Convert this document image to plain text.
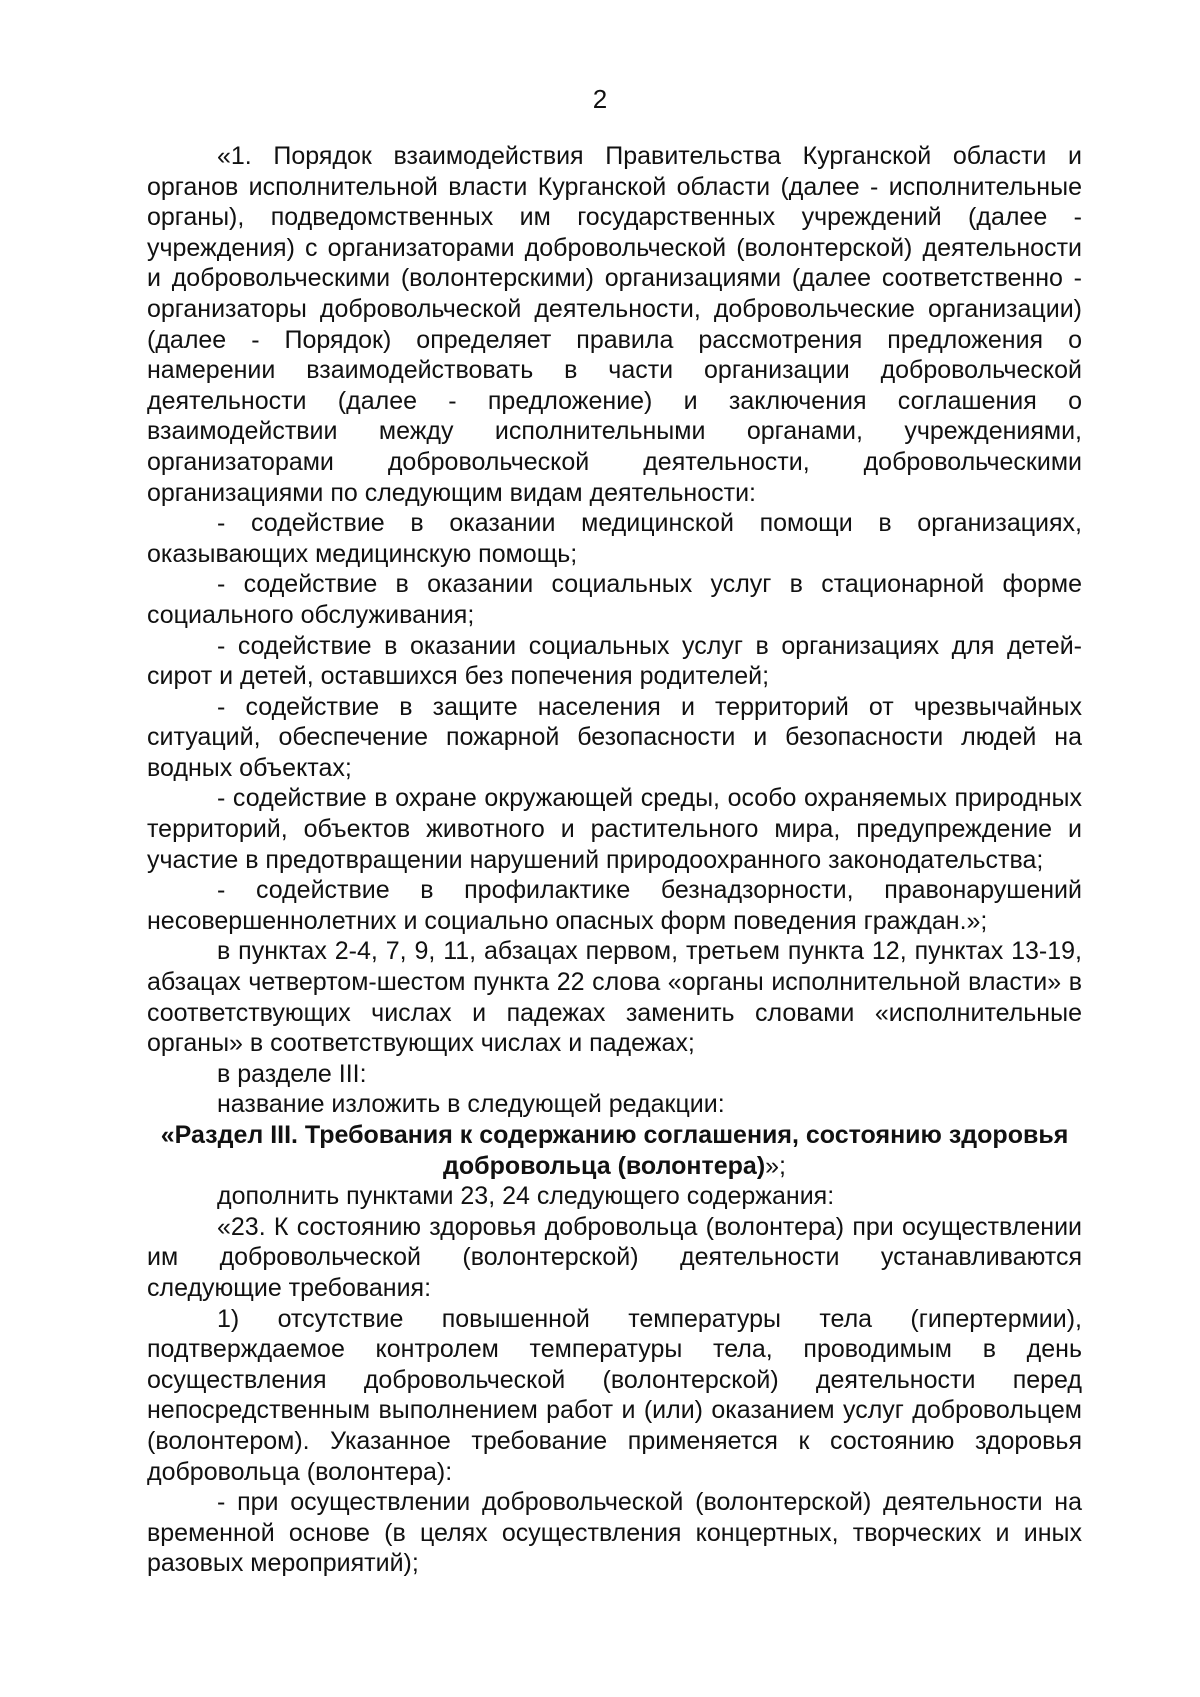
2

«1. Порядок взаимодействия Правительства Курганской области и органов исполнительной власти Курганской области (далее - исполнительные органы), подведомственных им государственных учреждений (далее - учреждения) с организаторами добровольческой (волонтерской) деятельности и добровольческими (волонтерскими) организациями (далее соответственно - организаторы добровольческой деятельности, добровольческие организации) (далее - Порядок) определяет правила рассмотрения предложения о намерении взаимодействовать в части организации добровольческой деятельности (далее - предложение) и заключения соглашения о взаимодействии между исполнительными органами, учреждениями, организаторами добровольческой деятельности, добровольческими организациями по следующим видам деятельности:

- содействие в оказании медицинской помощи в организациях, оказывающих медицинскую помощь;

- содействие в оказании социальных услуг в стационарной форме социального обслуживания;

- содействие в оказании социальных услуг в организациях для детей-сирот и детей, оставшихся без попечения родителей;

- содействие в защите населения и территорий от чрезвычайных ситуаций, обеспечение пожарной безопасности и безопасности людей на водных объектах;

- содействие в охране окружающей среды, особо охраняемых природных территорий, объектов животного и растительного мира, предупреждение и участие в предотвращении нарушений природоохранного законодательства;

- содействие в профилактике безнадзорности, правонарушений несовершеннолетних и социально опасных форм поведения граждан.»;

в пунктах 2-4, 7, 9, 11, абзацах первом, третьем пункта 12, пунктах 13-19, абзацах четвертом-шестом пункта 22 слова «органы исполнительной власти» в соответствующих числах и падежах заменить словами «исполнительные органы» в соответствующих числах и падежах;

в разделе III:

название изложить в следующей редакции:

«Раздел III. Требования к содержанию соглашения, состоянию здоровья добровольца (волонтера)»;

дополнить пунктами 23, 24 следующего содержания:

«23. К состоянию здоровья добровольца (волонтера) при осуществлении им добровольческой (волонтерской) деятельности устанавливаются следующие требования:

1) отсутствие повышенной температуры тела (гипертермии), подтверждаемое контролем температуры тела, проводимым в день осуществления добровольческой (волонтерской) деятельности перед непосредственным выполнением работ и (или) оказанием услуг добровольцем (волонтером). Указанное требование применяется к состоянию здоровья добровольца (волонтера):

- при осуществлении добровольческой (волонтерской) деятельности на временной основе (в целях осуществления концертных, творческих и иных разовых мероприятий);
